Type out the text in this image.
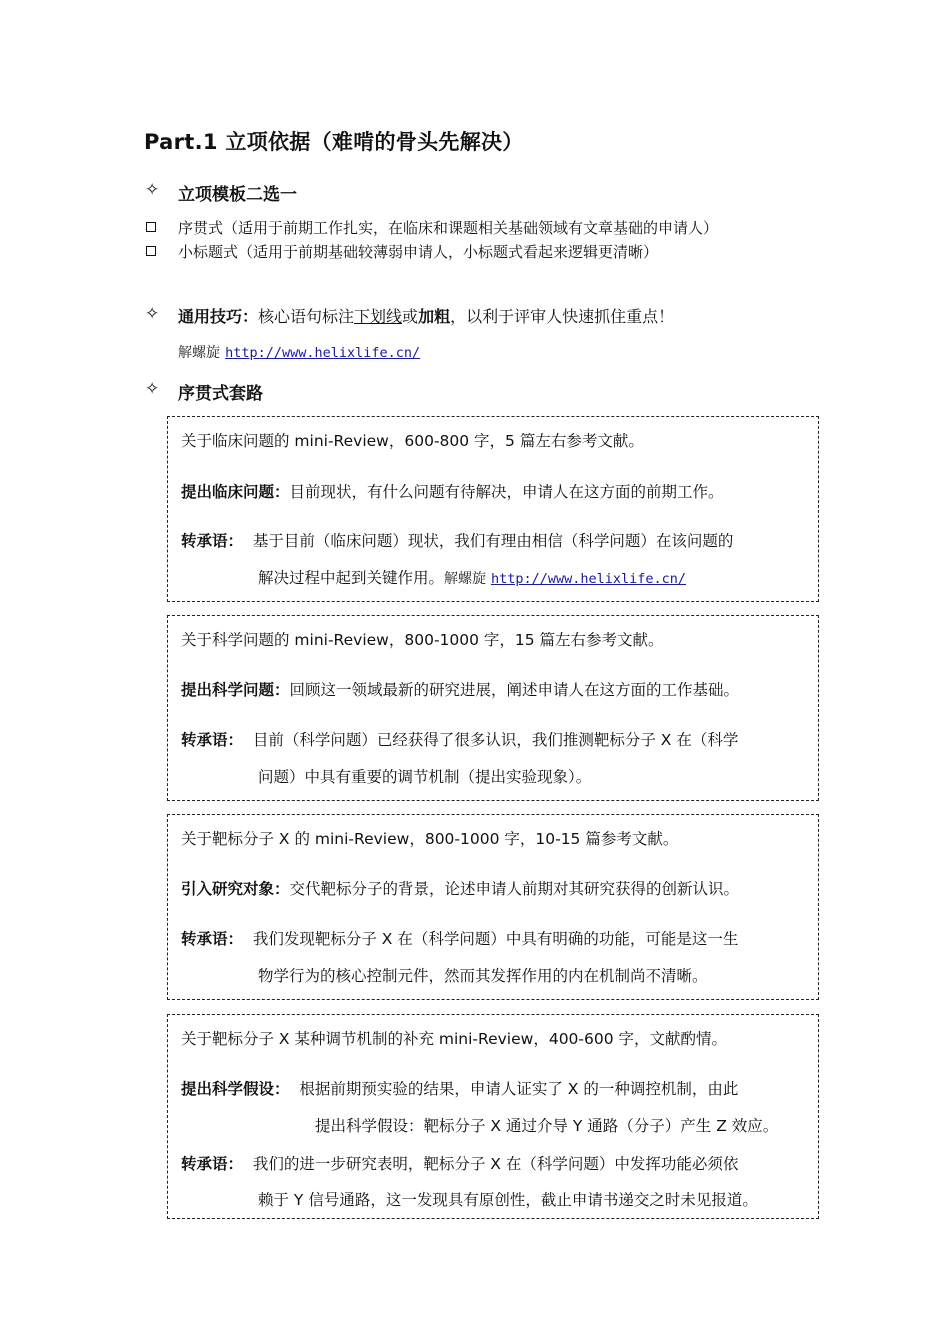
Part.1 立项依据（难啃的骨头先解决）
✧ 立项模板二选一
序贯式（适用于前期工作扎实，在临床和课题相关基础领域有文章基础的申请人）
小标题式（适用于前期基础较薄弱申请人，小标题式看起来逻辑更清晰）
✧ 通用技巧：核心语句标注下划线或加粗，以利于评审人快速抓住重点！
解螺旋 http://www.helixlife.cn/
✧ 序贯式套路
关于临床问题的 mini-Review，600-800 字，5 篇左右参考文献。
提出临床问题：目前现状，有什么问题有待解决，申请人在这方面的前期工作。
转承语： 基于目前（临床问题）现状，我们有理由相信（科学问题）在该问题的
解决过程中起到关键作用。解螺旋 http://www.helixlife.cn/
关于科学问题的 mini-Review，800-1000 字，15 篇左右参考文献。
提出科学问题：回顾这一领域最新的研究进展，阐述申请人在这方面的工作基础。
转承语： 目前（科学问题）已经获得了很多认识，我们推测靶标分子 X 在（科学
问题）中具有重要的调节机制（提出实验现象）。
关于靶标分子 X 的 mini-Review，800-1000 字，10-15 篇参考文献。
引入研究对象：交代靶标分子的背景，论述申请人前期对其研究获得的创新认识。
转承语： 我们发现靶标分子 X 在（科学问题）中具有明确的功能，可能是这一生
物学行为的核心控制元件，然而其发挥作用的内在机制尚不清晰。
关于靶标分子 X 某种调节机制的补充 mini-Review，400-600 字，文献酌情。
提出科学假设： 根据前期预实验的结果，申请人证实了 X 的一种调控机制，由此
提出科学假设：靶标分子 X 通过介导 Y 通路（分子）产生 Z 效应。
转承语： 我们的进一步研究表明，靶标分子 X 在（科学问题）中发挥功能必须依
赖于 Y 信号通路，这一发现具有原创性，截止申请书递交之时未见报道。
